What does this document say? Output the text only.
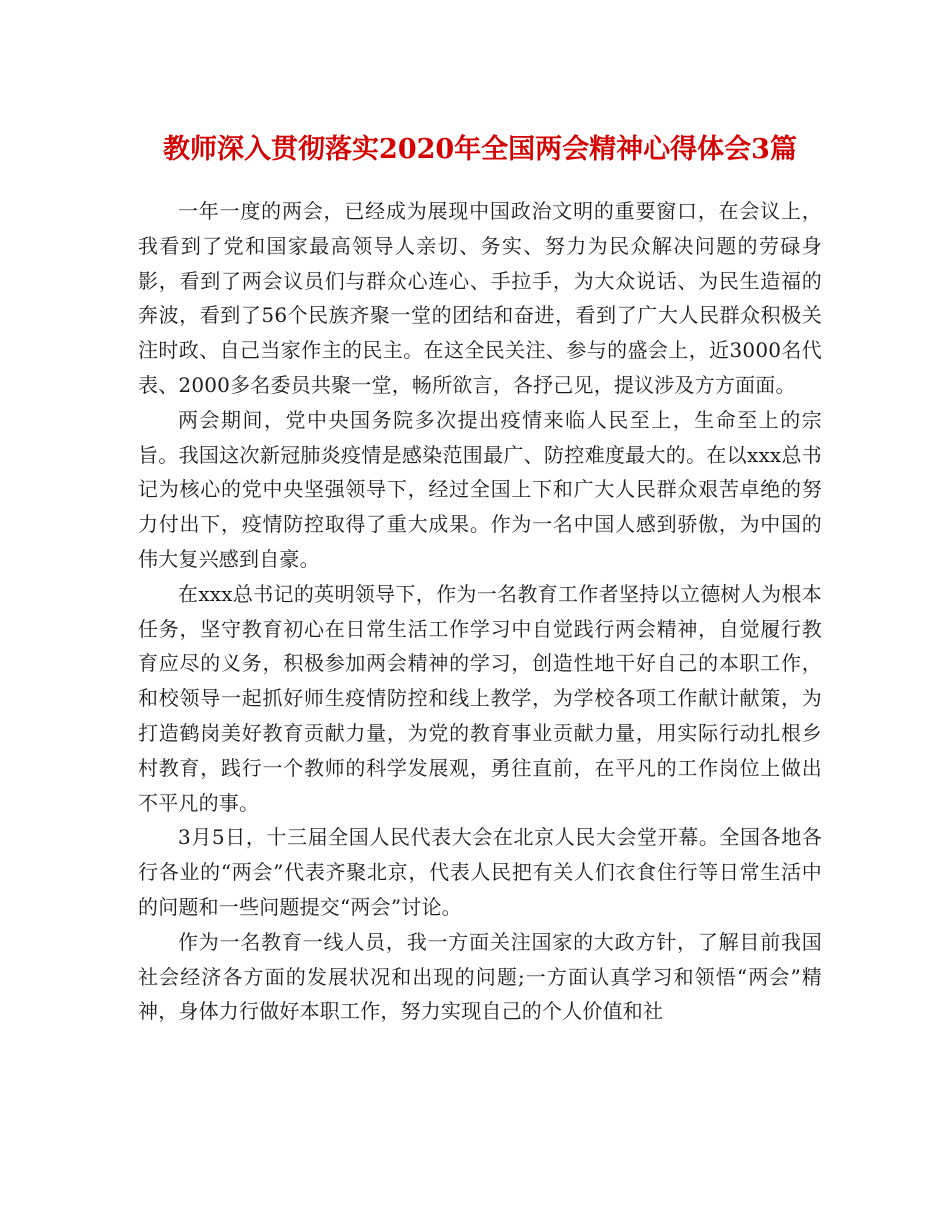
教师深入贯彻落实2020年全国两会精神心得体会3篇

一年一度的两会，已经成为展现中国政治文明的重要窗口，在会议上，我看到了党和国家最高领导人亲切、务实、努力为民众解决问题的劳碌身影，看到了两会议员们与群众心连心、手拉手，为大众说话、为民生造福的奔波，看到了56个民族齐聚一堂的团结和奋进，看到了广大人民群众积极关注时政、自己当家作主的民主。在这全民关注、参与的盛会上，近3000名代表、2000多名委员共聚一堂，畅所欲言，各抒己见，提议涉及方方面面。

两会期间，党中央国务院多次提出疫情来临人民至上，生命至上的宗旨。我国这次新冠肺炎疫情是感染范围最广、防控难度最大的。在以xxx总书记为核心的党中央坚强领导下，经过全国上下和广大人民群众艰苦卓绝的努力付出下，疫情防控取得了重大成果。作为一名中国人感到骄傲，为中国的伟大复兴感到自豪。

在xxx总书记的英明领导下，作为一名教育工作者坚持以立德树人为根本任务，坚守教育初心在日常生活工作学习中自觉践行两会精神，自觉履行教育应尽的义务，积极参加两会精神的学习，创造性地干好自己的本职工作，和校领导一起抓好师生疫情防控和线上教学，为学校各项工作献计献策，为打造鹤岗美好教育贡献力量，为党的教育事业贡献力量，用实际行动扎根乡村教育，践行一个教师的科学发展观，勇往直前，在平凡的工作岗位上做出不平凡的事。

3月5日，十三届全国人民代表大会在北京人民大会堂开幕。全国各地各行各业的“两会”代表齐聚北京，代表人民把有关人们衣食住行等日常生活中的问题和一些问题提交“两会”讨论。

作为一名教育一线人员，我一方面关注国家的大政方针，了解目前我国社会经济各方面的发展状况和出现的问题;一方面认真学习和领悟“两会”精神，身体力行做好本职工作，努力实现自己的个人价值和社
